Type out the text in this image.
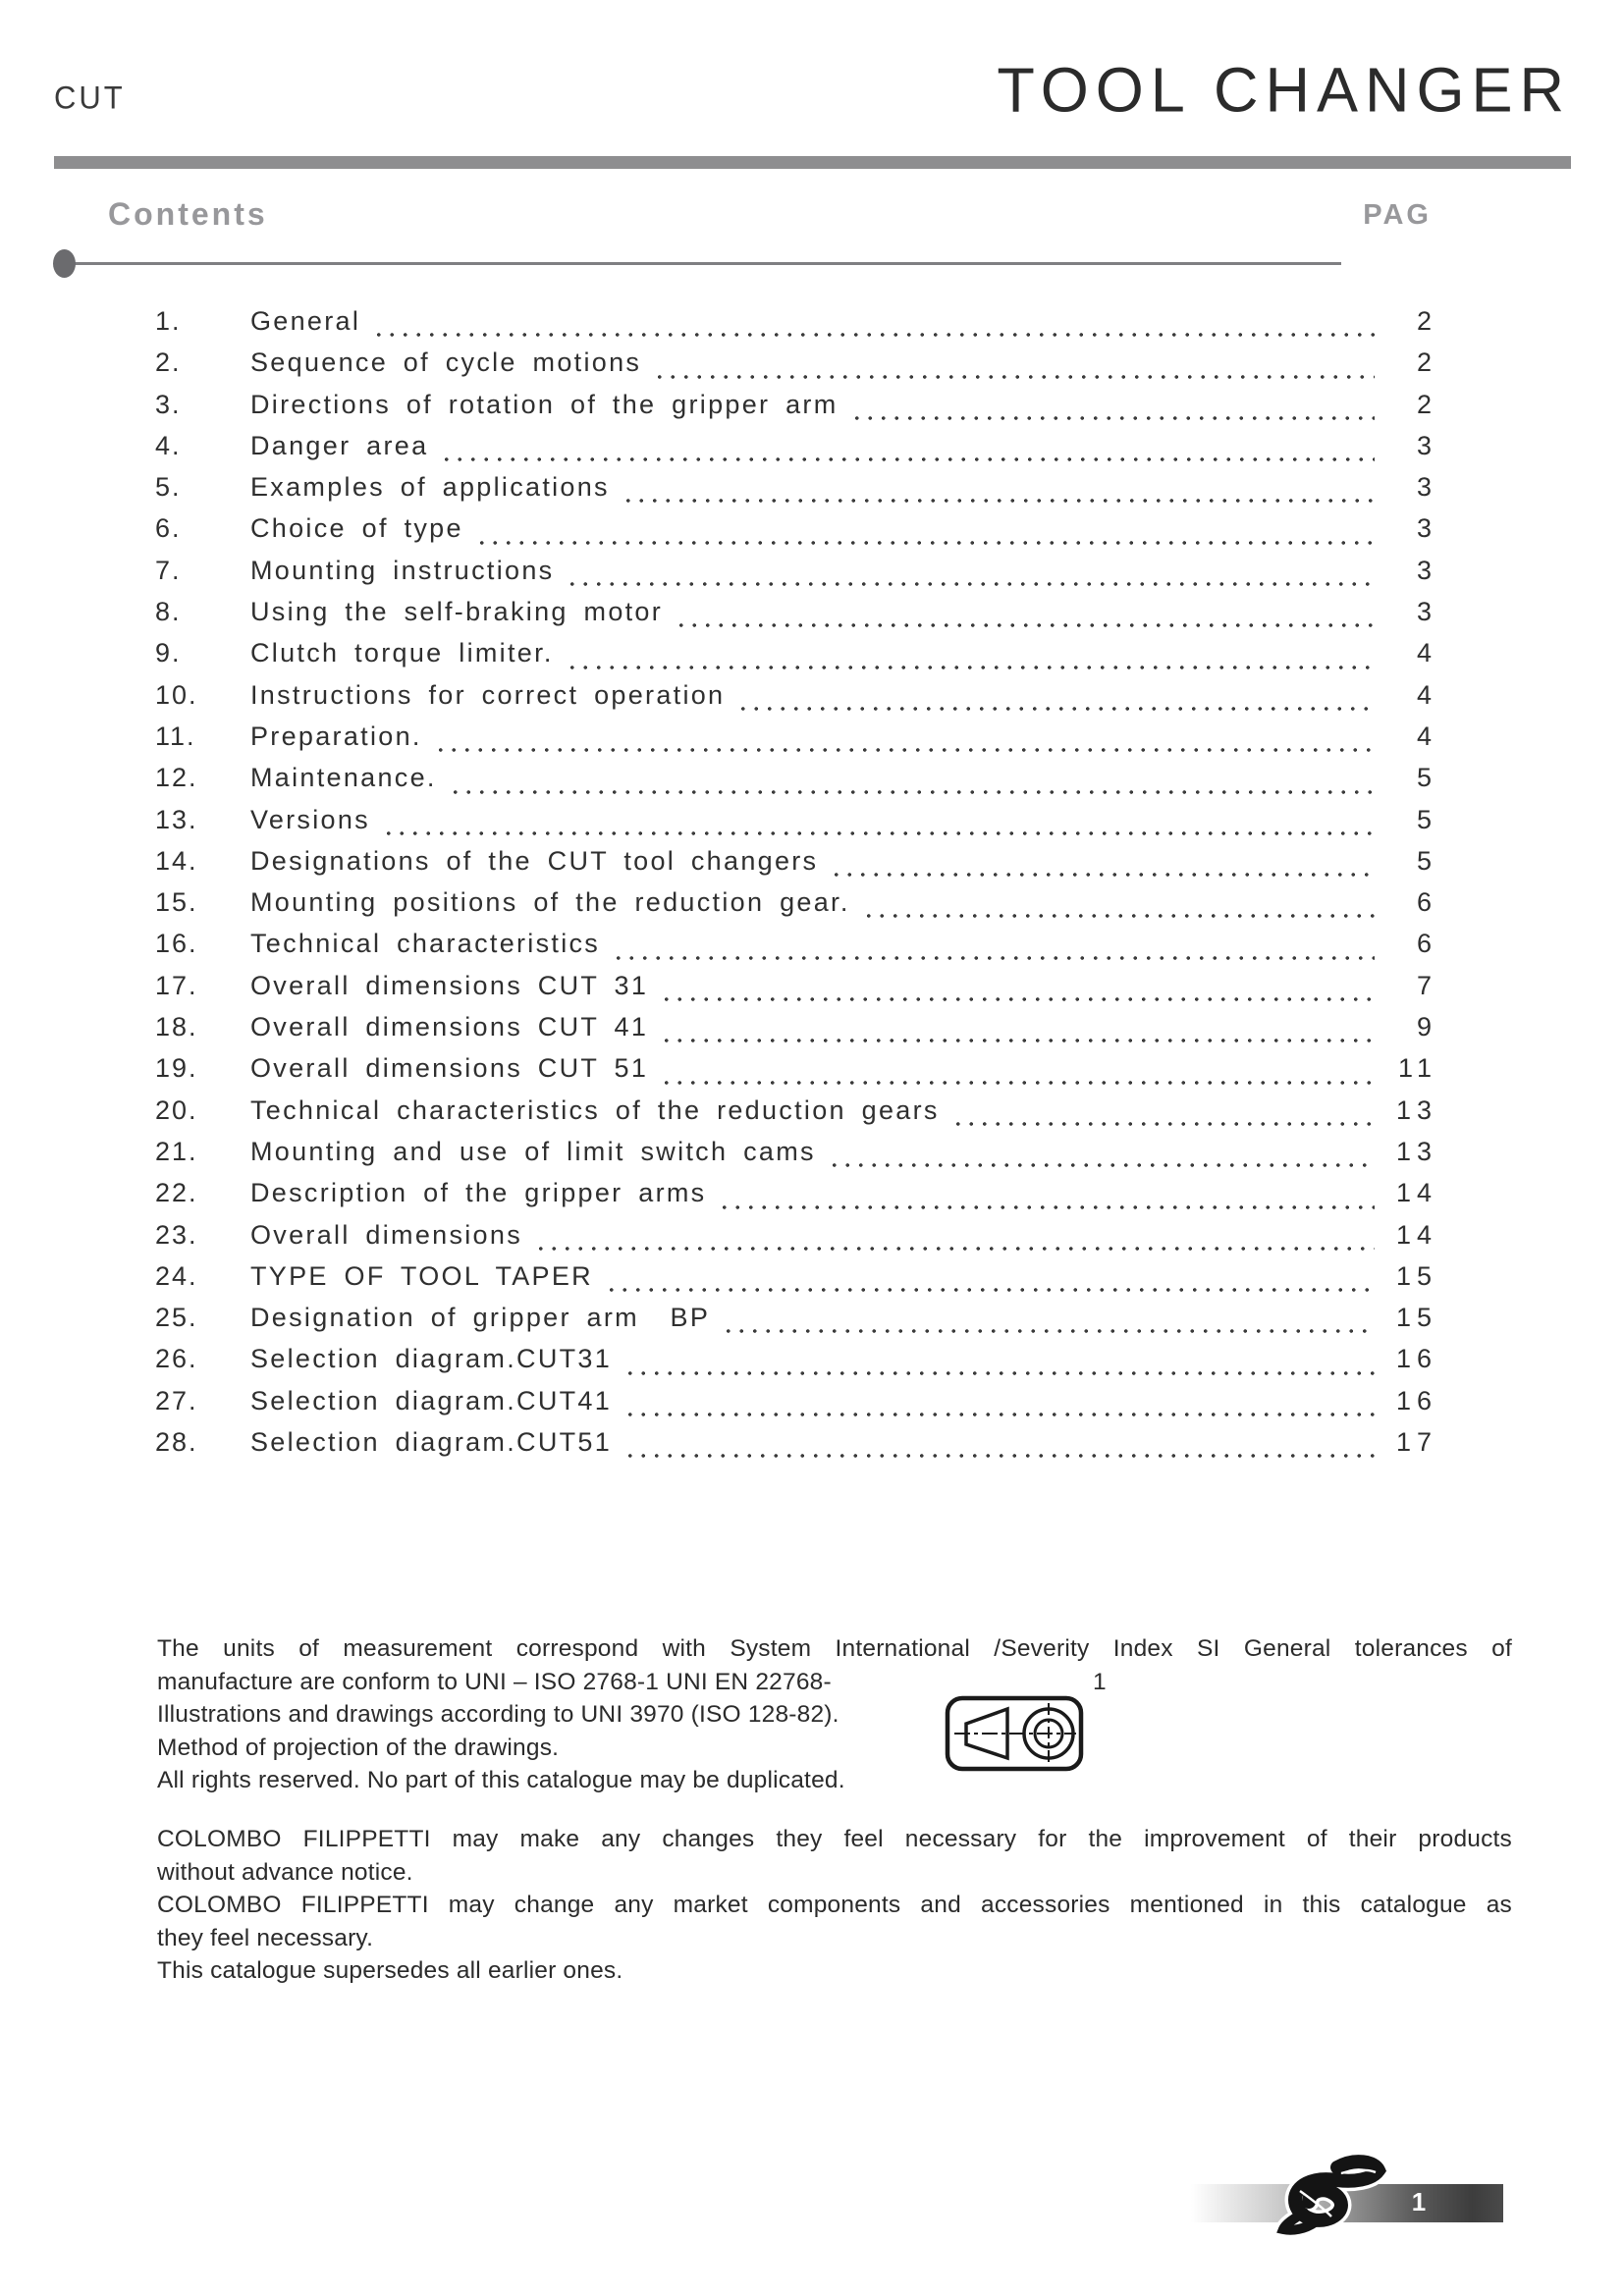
CUT	TOOL CHANGER
Contents	PAG
1.	General	2
2.	Sequence of cycle motions	2
3.	Directions of rotation of the gripper arm	2
4.	Danger area	3
5.	Examples of applications	3
6.	Choice of type	3
7.	Mounting instructions	3
8.	Using the self-braking motor	3
9.	Clutch torque limiter.	4
10.	Instructions for correct operation	4
11.	Preparation.	4
12.	Maintenance.	5
13.	Versions	5
14.	Designations of the CUT tool changers	5
15.	Mounting positions of the reduction gear.	6
16.	Technical characteristics	6
17.	Overall dimensions CUT 31	7
18.	Overall dimensions CUT 41	9
19.	Overall dimensions CUT 51	11
20.	Technical characteristics of the reduction gears	13
21.	Mounting and use of limit switch cams	13
22.	Description of the gripper arms	14
23.	Overall dimensions	14
24.	TYPE OF TOOL TAPER	15
25.	Designation of gripper arm  BP	15
26.	Selection diagram.CUT31	16
27.	Selection diagram.CUT41	16
28.	Selection diagram.CUT51	17
The units of measurement correspond with System International /Severity Index SI General tolerances of
manufacture are conform to UNI – ISO 2768-1 UNI EN 22768-	1
Illustrations and drawings according to UNI 3970 (ISO 128-82).
Method of projection of the drawings.
All rights reserved. No part of this catalogue may be duplicated.
COLOMBO FILIPPETTI may make any changes they feel necessary for the improvement of their products
without advance notice.
COLOMBO FILIPPETTI may change any market components and accessories mentioned in this catalogue as
they feel necessary.
This catalogue supersedes all earlier ones.
1
